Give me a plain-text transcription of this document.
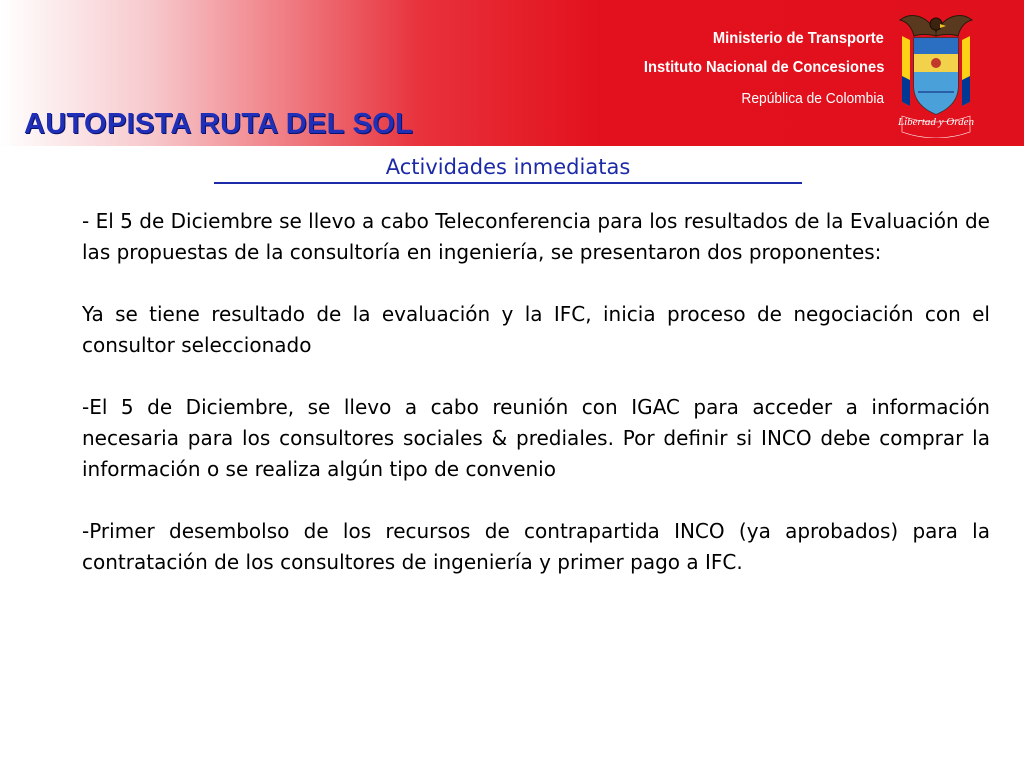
Ministerio de Transporte
Instituto Nacional de Concesiones
República de Colombia
Libertad y Orden
AUTOPISTA RUTA DEL SOL
Actividades inmediatas

- El 5 de Diciembre se llevo a cabo Teleconferencia para los resultados de la Evaluación de las propuestas de la consultoría en ingeniería, se presentaron dos proponentes:

Ya se tiene resultado de la evaluación y la IFC, inicia proceso de negociación con el consultor seleccionado

-El 5 de Diciembre, se llevo a cabo reunión con IGAC para acceder a información necesaria para los consultores sociales & prediales. Por definir si INCO debe comprar la información o se realiza algún tipo de convenio

-Primer desembolso de los recursos de contrapartida INCO (ya aprobados) para la contratación de los consultores de ingeniería y primer pago a IFC.
